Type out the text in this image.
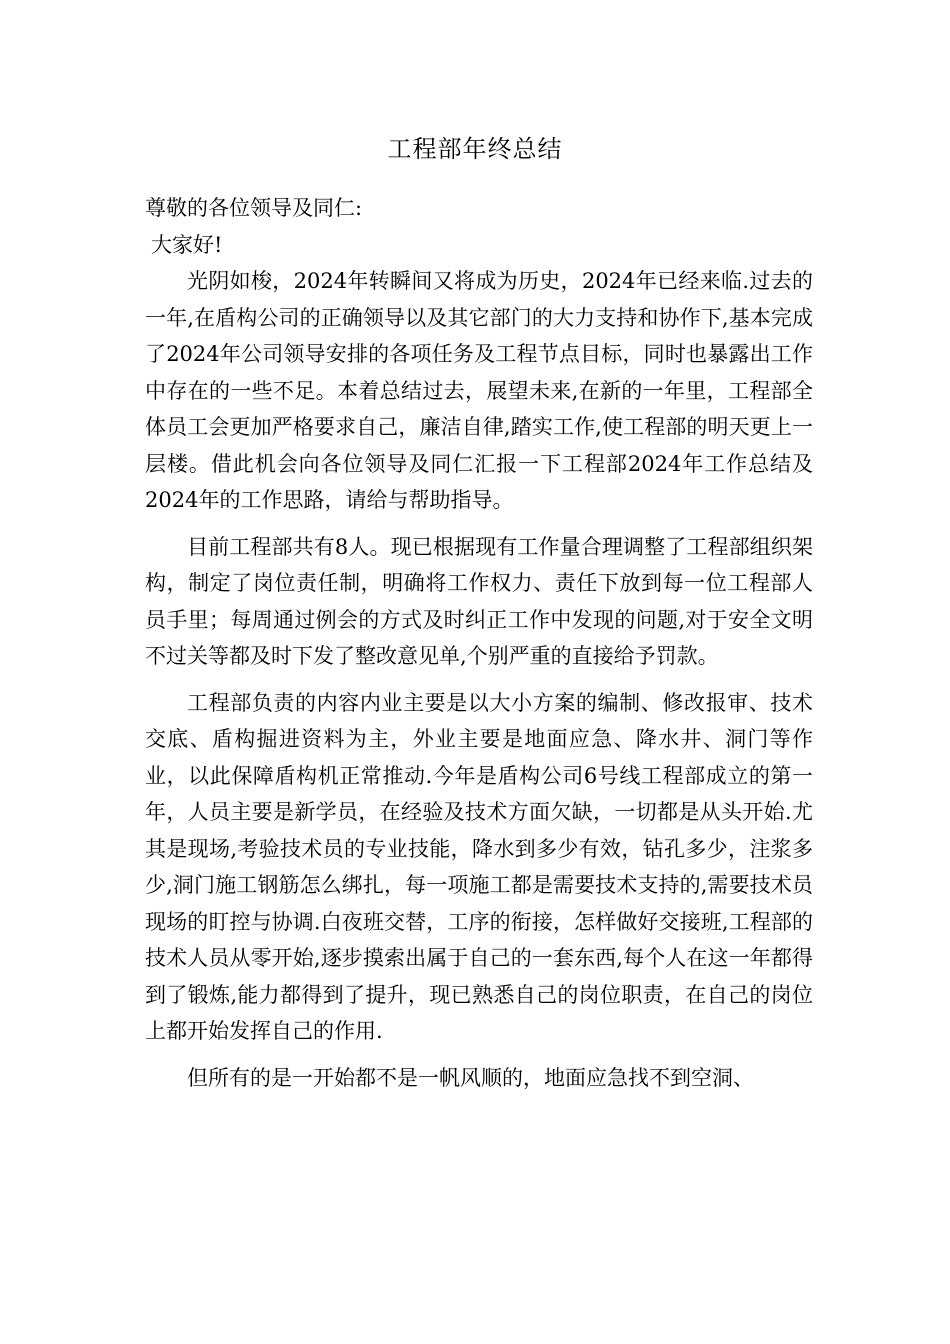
工程部年终总结
尊敬的各位领导及同仁:
大家好!

光阴如梭，2024年转瞬间又将成为历史，2024年已经来临.过去的一年,在盾构公司的正确领导以及其它部门的大力支持和协作下,基本完成了2024年公司领导安排的各项任务及工程节点目标，同时也暴露出工作中存在的一些不足。本着总结过去，展望未来,在新的一年里，工程部全体员工会更加严格要求自己，廉洁自律,踏实工作,使工程部的明天更上一层楼。借此机会向各位领导及同仁汇报一下工程部2024年工作总结及2024年的工作思路，请给与帮助指导。

目前工程部共有8人。现已根据现有工作量合理调整了工程部组织架构，制定了岗位责任制，明确将工作权力、责任下放到每一位工程部人员手里；每周通过例会的方式及时纠正工作中发现的问题,对于安全文明不过关等都及时下发了整改意见单,个别严重的直接给予罚款。

工程部负责的内容内业主要是以大小方案的编制、修改报审、技术交底、盾构掘进资料为主，外业主要是地面应急、降水井、洞门等作业，以此保障盾构机正常推动.今年是盾构公司6号线工程部成立的第一年，人员主要是新学员，在经验及技术方面欠缺，一切都是从头开始.尤其是现场,考验技术员的专业技能，降水到多少有效，钻孔多少，注浆多少,洞门施工钢筋怎么绑扎，每一项施工都是需要技术支持的,需要技术员现场的盯控与协调.白夜班交替，工序的衔接，怎样做好交接班,工程部的技术人员从零开始,逐步摸索出属于自己的一套东西,每个人在这一年都得到了锻炼,能力都得到了提升，现已熟悉自己的岗位职责，在自己的岗位上都开始发挥自己的作用.

但所有的是一开始都不是一帆风顺的，地面应急找不到空洞、
